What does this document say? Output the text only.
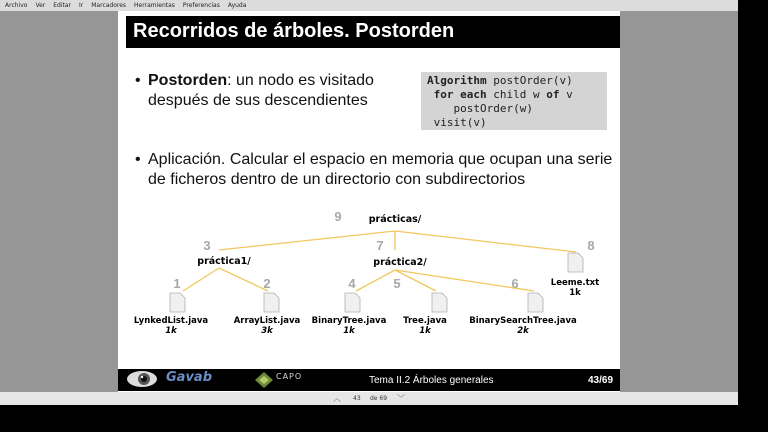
Archivo Ver Editar Ir Marcadores Herramientas Preferencias Ayuda
Recorridos de árboles. Postorden
• Postorden: un nodo es visitado después de sus descendientes
Algorithm postOrder(v)
for each child w of v
postOrder(w)
visit(v)
• Aplicación. Calcular el espacio en memoria que ocupan una serie de ficheros dentro de un directorio con subdirectorios
9
3	7
1	2	4	5	6
8
prácticas/
práctica1/	práctica2/
LynkedList.java	ArrayList.java BinaryTree.java Tree.java	BinarySearchTree.java
Leeme.txt
1k	3k	1k	1k	2k
1k
Gavab	CAPO	Tema II.2 Árboles generales	43/69
︿ 43 de 69 ﹀
